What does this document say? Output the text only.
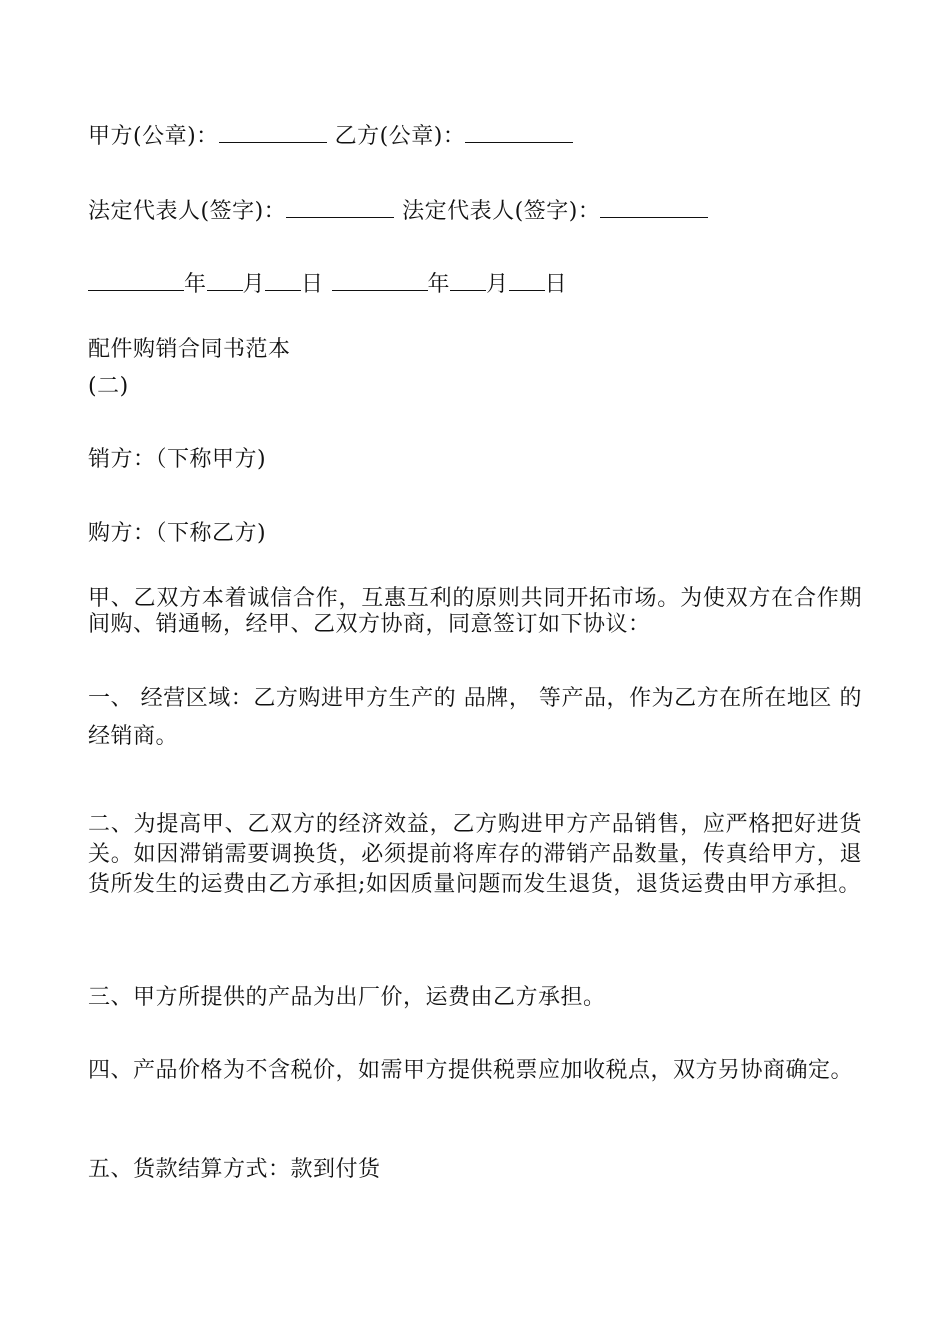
甲方(公章)：	乙方(公章)：
法定代表人(签字)：	法定代表人(签字)：
年 月 日	年 月 日
配件购销合同书范本
(二)
销方：（下称甲方)
购方：（下称乙方)
甲、乙双方本着诚信合作，互惠互利的原则共同开拓市场。为使双方在合作期间购、销通畅，经甲、乙双方协商，同意签订如下协议：
一、 经营区域：乙方购进甲方生产的 品牌， 等产品，作为乙方在所在地区 的经销商。
二、为提高甲、乙双方的经济效益，乙方购进甲方产品销售，应严格把好进货关。如因滞销需要调换货，必须提前将库存的滞销产品数量，传真给甲方，退货所发生的运费由乙方承担;如因质量问题而发生退货，退货运费由甲方承担。
三、甲方所提供的产品为出厂价，运费由乙方承担。
四、产品价格为不含税价，如需甲方提供税票应加收税点，双方另协商确定。
五、货款结算方式：款到付货
